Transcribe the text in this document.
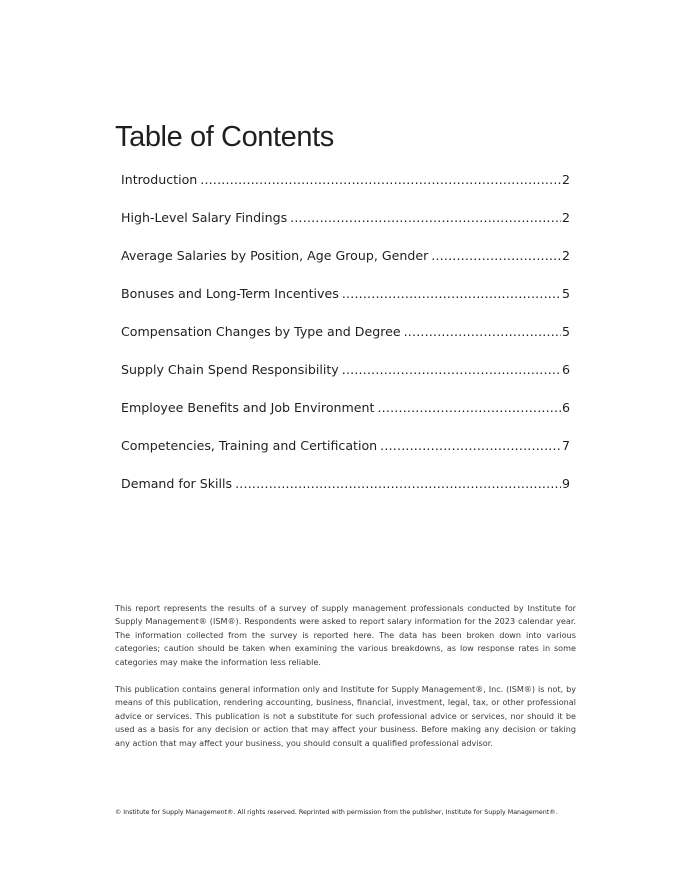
Table of Contents
Introduction .....	2
High-Level Salary Findings .....	2
Average Salaries by Position, Age Group, Gender .....	2
Bonuses and Long-Term Incentives .....	5
Compensation Changes by Type and Degree .....	5
Supply Chain Spend Responsibility .....	6
Employee Benefits and Job Environment .....	6
Competencies, Training and Certification .....	7
Demand for Skills .....	9

This report represents the results of a survey of supply management professionals conducted by Institute for Supply Management® (ISM®). Respondents were asked to report salary information for the 2023 calendar year. The information collected from the survey is reported here. The data has been broken down into various categories; caution should be taken when examining the various breakdowns, as low response rates in some categories may make the information less reliable.

This publication contains general information only and Institute for Supply Management®, Inc. (ISM®) is not, by means of this publication, rendering accounting, business, financial, investment, legal, tax, or other professional advice or services. This publication is not a substitute for such professional advice or services, nor should it be used as a basis for any decision or action that may affect your business. Before making any decision or taking any action that may affect your business, you should consult a qualified professional advisor.

© Institute for Supply Management®. All rights reserved. Reprinted with permission from the publisher, Institute for Supply Management®.
